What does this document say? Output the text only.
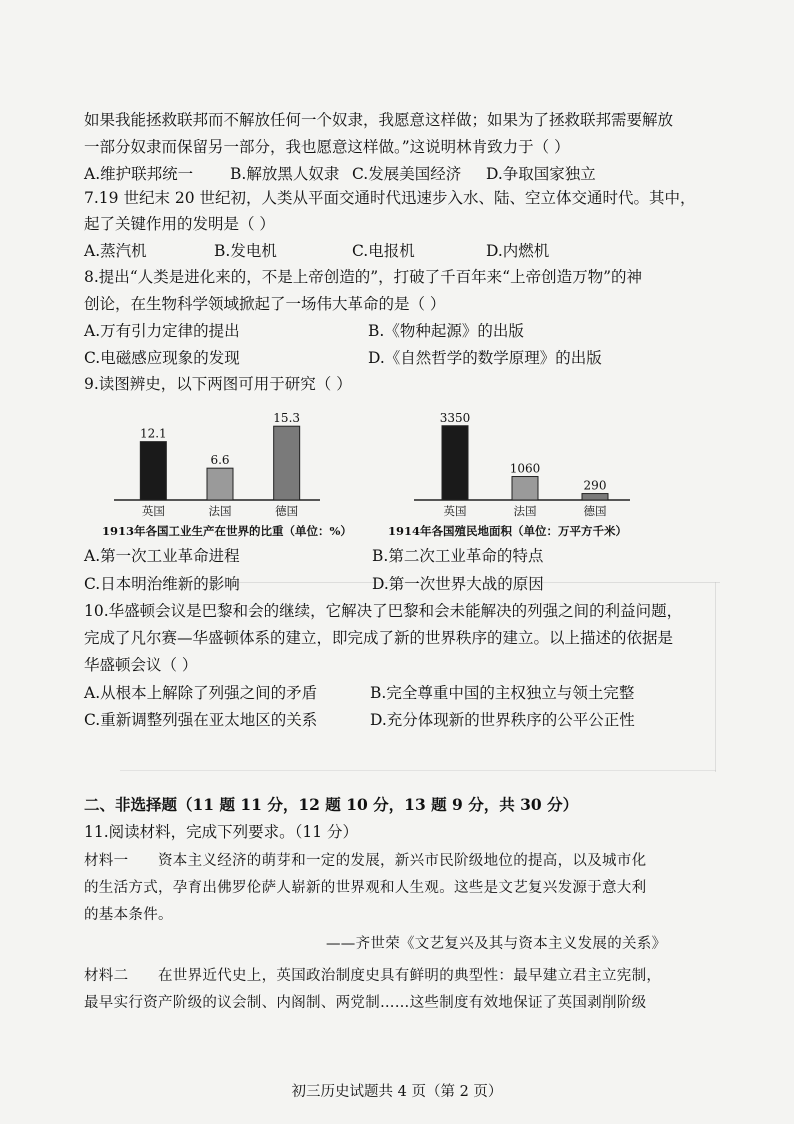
如果我能拯救联邦而不解放任何一个奴隶，我愿意这样做；如果为了拯救联邦需要解放
一部分奴隶而保留另一部分，我也愿意这样做。”这说明林肯致力于（ ）
A.维护联邦统一 B.解放黑人奴隶 C.发展美国经济 D.争取国家独立
7.19 世纪末 20 世纪初，人类从平面交通时代迅速步入水、陆、空立体交通时代。其中，
起了关键作用的发明是（ ）
A.蒸汽机	B.发电机	C.电报机	D.内燃机
8.提出“人类是进化来的，不是上帝创造的”，打破了千百年来“上帝创造万物”的神
创论，在生物科学领域掀起了一场伟大革命的是（ ）
A.万有引力定律的提出	B.《物种起源》的出版
C.电磁感应现象的发现	D.《自然哲学的数学原理》的出版
9.读图辨史，以下两图可用于研究（ ）
12.1
英国
6.6
法国
15.3
德国
1913年各国工业生产在世界的比重（单位：%）
3350
英国
1060
法国
290
德国
1914年各国殖民地面积（单位：万平方千米）
A.第一次工业革命进程	B.第二次工业革命的特点
C.日本明治维新的影响	D.第一次世界大战的原因
10.华盛顿会议是巴黎和会的继续，它解决了巴黎和会未能解决的列强之间的利益问题，
完成了凡尔赛—华盛顿体系的建立，即完成了新的世界秩序的建立。以上描述的依据是
华盛顿会议（ ）
A.从根本上解除了列强之间的矛盾	B.完全尊重中国的主权独立与领土完整
C.重新调整列强在亚太地区的关系	D.充分体现新的世界秩序的公平公正性
二、非选择题（11 题 11 分，12 题 10 分，13 题 9 分，共 30 分）
11.阅读材料，完成下列要求。（11 分）
材料一　　资本主义经济的萌芽和一定的发展，新兴市民阶级地位的提高，以及城市化
的生活方式，孕育出佛罗伦萨人崭新的世界观和人生观。这些是文艺复兴发源于意大利
的基本条件。
——齐世荣《文艺复兴及其与资本主义发展的关系》
材料二　　在世界近代史上，英国政治制度史具有鲜明的典型性：最早建立君主立宪制，
最早实行资产阶级的议会制、内阁制、两党制……这些制度有效地保证了英国剥削阶级
初三历史试题共 4 页（第 2 页）
